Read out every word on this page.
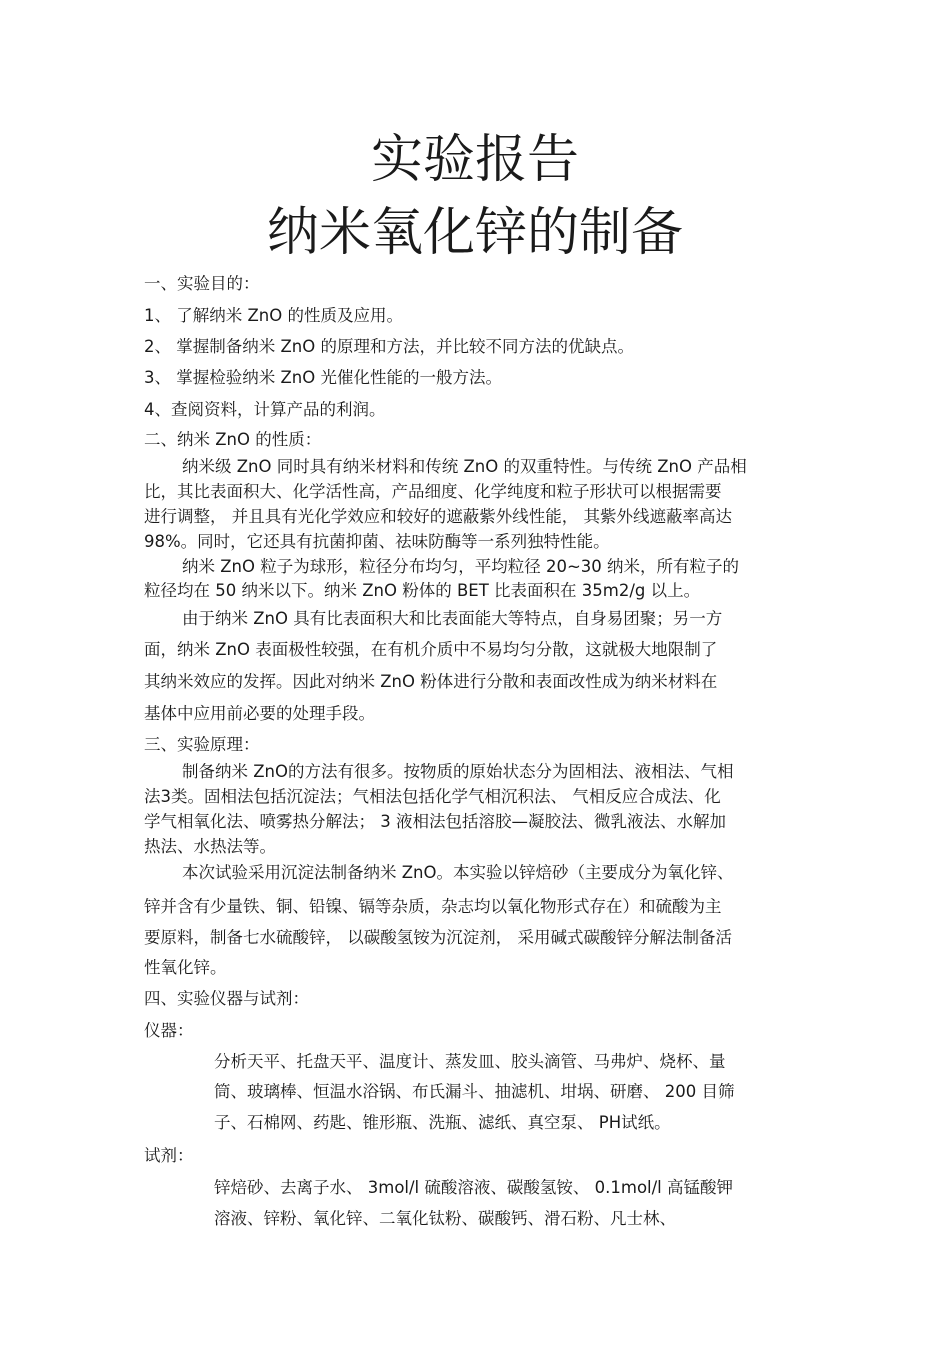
实验报告
纳米氧化锌的制备
一、实验目的：
1、 了解纳米 ZnO 的性质及应用。
2、 掌握制备纳米 ZnO 的原理和方法，并比较不同方法的优缺点。
3、 掌握检验纳米 ZnO 光催化性能的一般方法。
4、查阅资料，计算产品的利润。
二、纳米 ZnO 的性质：
纳米级 ZnO 同时具有纳米材料和传统 ZnO 的双重特性。与传统 ZnO 产品相
比，其比表面积大、化学活性高，产品细度、化学纯度和粒子形状可以根据需要
进行调整， 并且具有光化学效应和较好的遮蔽紫外线性能， 其紫外线遮蔽率高达
98%。同时，它还具有抗菌抑菌、祛味防酶等一系列独特性能。
纳米 ZnO 粒子为球形，粒径分布均匀，平均粒径 20~30 纳米，所有粒子的
粒径均在 50 纳米以下。纳米 ZnO 粉体的 BET 比表面积在 35m2/g 以上。
由于纳米 ZnO 具有比表面积大和比表面能大等特点，自身易团聚；另一方
面，纳米 ZnO 表面极性较强，在有机介质中不易均匀分散，这就极大地限制了
其纳米效应的发挥。因此对纳米 ZnO 粉体进行分散和表面改性成为纳米材料在
基体中应用前必要的处理手段。
三、实验原理：
制备纳米 ZnO的方法有很多。按物质的原始状态分为固相法、液相法、气相
法3类。固相法包括沉淀法；气相法包括化学气相沉积法、 气相反应合成法、化
学气相氧化法、喷雾热分解法； 3 液相法包括溶胶—凝胶法、微乳液法、水解加
热法、水热法等。
本次试验采用沉淀法制备纳米 ZnO。本实验以锌焙砂（主要成分为氧化锌、
锌并含有少量铁、铜、铅镍、镉等杂质，杂志均以氧化物形式存在）和硫酸为主
要原料，制备七水硫酸锌， 以碳酸氢铵为沉淀剂， 采用碱式碳酸锌分解法制备活
性氧化锌。
四、实验仪器与试剂：
仪器：
分析天平、托盘天平、温度计、蒸发皿、胶头滴管、马弗炉、烧杯、量
筒、玻璃棒、恒温水浴锅、布氏漏斗、抽滤机、坩埚、研磨、 200 目筛
子、石棉网、药匙、锥形瓶、洗瓶、滤纸、真空泵、 PH试纸。
试剂：
锌焙砂、去离子水、 3mol/l 硫酸溶液、碳酸氢铵、 0.1mol/l 高锰酸钾
溶液、锌粉、氧化锌、二氧化钛粉、碳酸钙、滑石粉、凡士林、
